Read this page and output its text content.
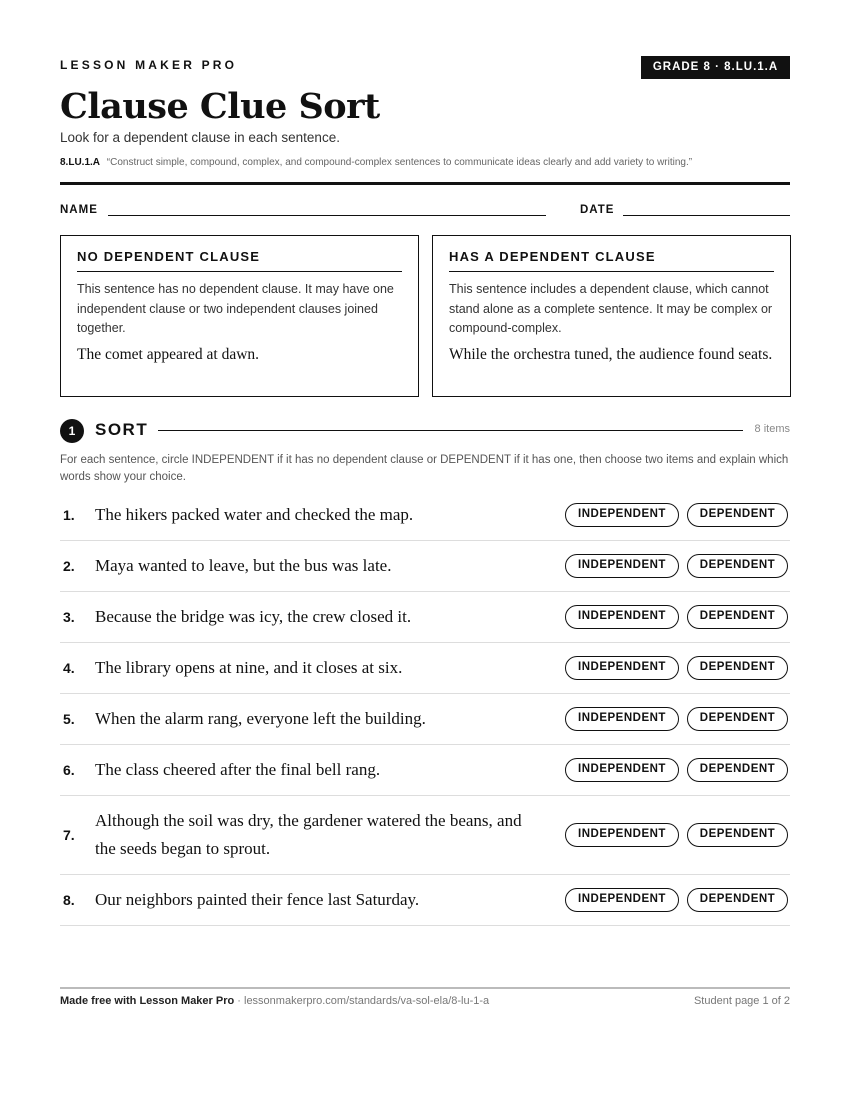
LESSON MAKER PRO	GRADE 8 · 8.LU.1.A
Clause Clue Sort
Look for a dependent clause in each sentence.
8.LU.1.A “Construct simple, compound, complex, and compound-complex sentences to communicate ideas clearly and add variety to writing.”
NAME	DATE
NO DEPENDENT CLAUSE

This sentence has no dependent clause. It may have one independent clause or two independent clauses joined together.

The comet appeared at dawn.

HAS A DEPENDENT CLAUSE

This sentence includes a dependent clause, which cannot stand alone as a complete sentence. It may be complex or compound-complex.

While the orchestra tuned, the audience found seats.

1	SORT	8 items

For each sentence, circle INDEPENDENT if it has no dependent clause or DEPENDENT if it has one, then choose two items and explain which words show your choice.

1. The hikers packed water and checked the map.	INDEPENDENT	DEPENDENT
2. Maya wanted to leave, but the bus was late.	INDEPENDENT	DEPENDENT
3. Because the bridge was icy, the crew closed it.	INDEPENDENT	DEPENDENT
4. The library opens at nine, and it closes at six.	INDEPENDENT	DEPENDENT
5. When the alarm rang, everyone left the building.	INDEPENDENT	DEPENDENT
6. The class cheered after the final bell rang.	INDEPENDENT	DEPENDENT
7.
Although the soil was dry, the gardener watered the beans, and the seeds began to sprout.
INDEPENDENT	DEPENDENT
8. Our neighbors painted their fence last Saturday.	INDEPENDENT	DEPENDENT
Made free with Lesson Maker Pro · lessonmakerpro.com/standards/va-sol-ela/8-lu-1-a	Student page 1 of 2
